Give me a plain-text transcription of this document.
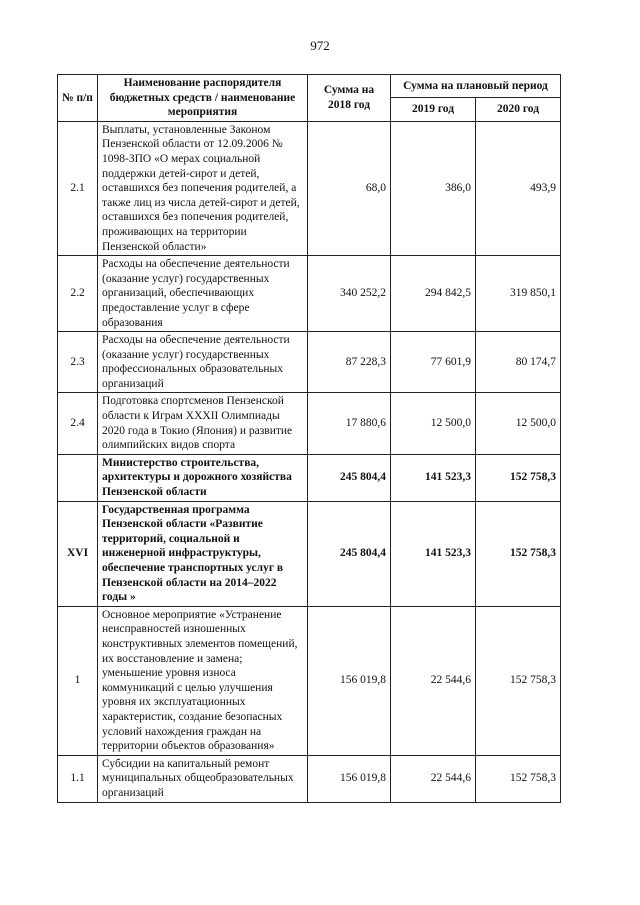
972
№ п/п	Наименование распорядителя бюджетных средств / наименование мероприятия	Сумма на 2018 год	Сумма на плановый период	
			2019 год	2020 год
2.1	Выплаты, установленные Законом Пензенской области от 12.09.2006 № 1098-ЗПО «О мерах социальной поддержки детей-сирот и детей, оставшихся без попечения родителей, а также лиц из числа детей-сирот и детей, оставшихся без попечения родителей, проживающих на территории Пензенской области»	68,0	386,0	493,9
2.2	Расходы на обеспечение деятельности (оказание услуг) государственных организаций, обеспечивающих предоставление услуг в сфере образования	340 252,2	294 842,5	319 850,1
2.3	Расходы на обеспечение деятельности (оказание услуг) государственных профессиональных образовательных организаций	87 228,3	77 601,9	80 174,7
2.4	Подготовка спортсменов Пензенской области к Играм XXXII Олимпиады 2020 года в Токио (Япония) и развитие олимпийских видов спорта	17 880,6	12 500,0	12 500,0
	Министерство строительства, архитектуры и дорожного хозяйства Пензенской области	245 804,4	141 523,3	152 758,3
XVI	Государственная программа Пензенской области «Развитие территорий, социальной и инженерной инфраструктуры, обеспечение транспортных услуг в Пензенской области на 2014–2022 годы »	245 804,4	141 523,3	152 758,3
1	Основное мероприятие «Устранение неисправностей изношенных конструктивных элементов помещений, их восстановление и замена; уменьшение уровня износа коммуникаций с целью улучшения уровня их эксплуатационных характеристик, создание безопасных условий нахождения граждан на территории объектов образования»	156 019,8	22 544,6	152 758,3
1.1	Субсидии на капитальный ремонт муниципальных общеобразовательных организаций	156 019,8	22 544,6	152 758,3
